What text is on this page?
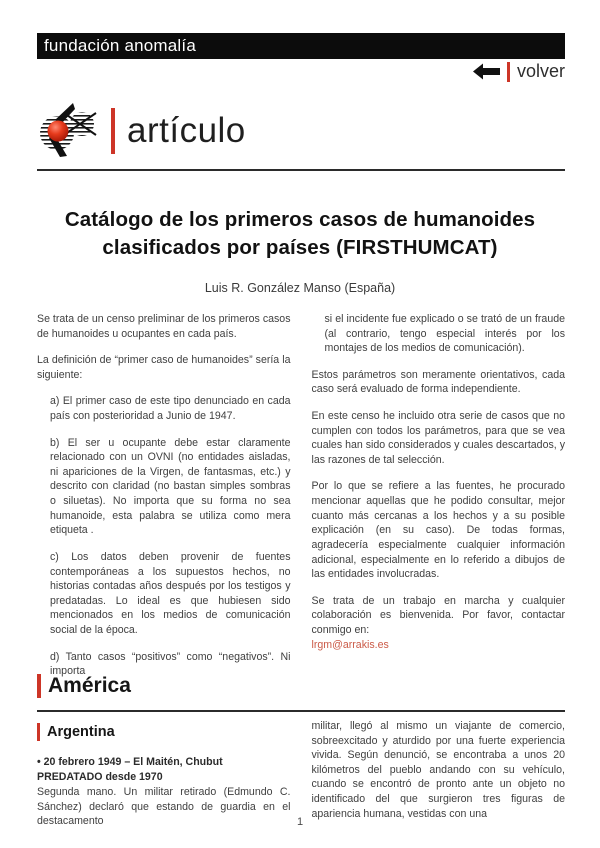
fundación anomalía
volver
artículo
Catálogo de los primeros casos de humanoides
clasificados por países (FIRSTHUMCAT)
Luis R. González Manso (España)

Se trata de un censo preliminar de los primeros casos de humanoides u ocupantes en cada país.

La definición de “primer caso de humanoides” sería la siguiente:

a) El primer caso de este tipo denunciado en cada país con posterioridad a Junio de 1947.

b) El ser u ocupante debe estar claramente relacionado con un OVNI (no entidades aisladas, ni apariciones de la Virgen, de fantasmas, etc.) y descrito con claridad (no bastan simples sombras o siluetas). No importa que su forma no sea humanoide, esta palabra se utiliza como mera etiqueta .

c) Los datos deben provenir de fuentes contemporáneas a los supuestos hechos, no historias contadas años después por los testigos y predatadas. Lo ideal es que hubiesen sido mencionados en los medios de comunicación social de la época.

d) Tanto casos “positivos” como “negativos”. Ni importa

si el incidente fue explicado o se trató de un fraude (al contrario, tengo especial interés por los montajes de los medios de comunicación).

Estos parámetros son meramente orientativos, cada caso será evaluado de forma independiente.

En este censo he incluido otra serie de casos que no cumplen con todos los parámetros, para que se vea cuales han sido considerados y cuales descartados, y las razones de tal selección.

Por lo que se refiere a las fuentes, he procurado mencionar aquellas que he podido consultar, mejor cuanto más cercanas a los hechos y a su posible explicación (en su caso). De todas formas, agradecería especialmente cualquier información adicional, especialmente en lo referido a dibujos de las entidades involucradas.

Se trata de un trabajo en marcha y cualquier colaboración es bienvenida. Por favor, contactar conmigo en:
lrgm@arrakis.es

América
Argentina

• 20 febrero 1949 – El Maitén, Chubut

PREDATADO desde 1970

Segunda mano. Un militar retirado (Edmundo C. Sánchez) declaró que estando de guardia en el destacamento

militar, llegó al mismo un viajante de comercio, sobreexcitado y aturdido por una fuerte experiencia vivida. Según denunció, se encontraba a unos 20 kilómetros del pueblo andando con su vehículo, cuando se encontró de pronto ante un objeto no identificado del que surgieron tres figuras de apariencia humana, vestidas con una

1
